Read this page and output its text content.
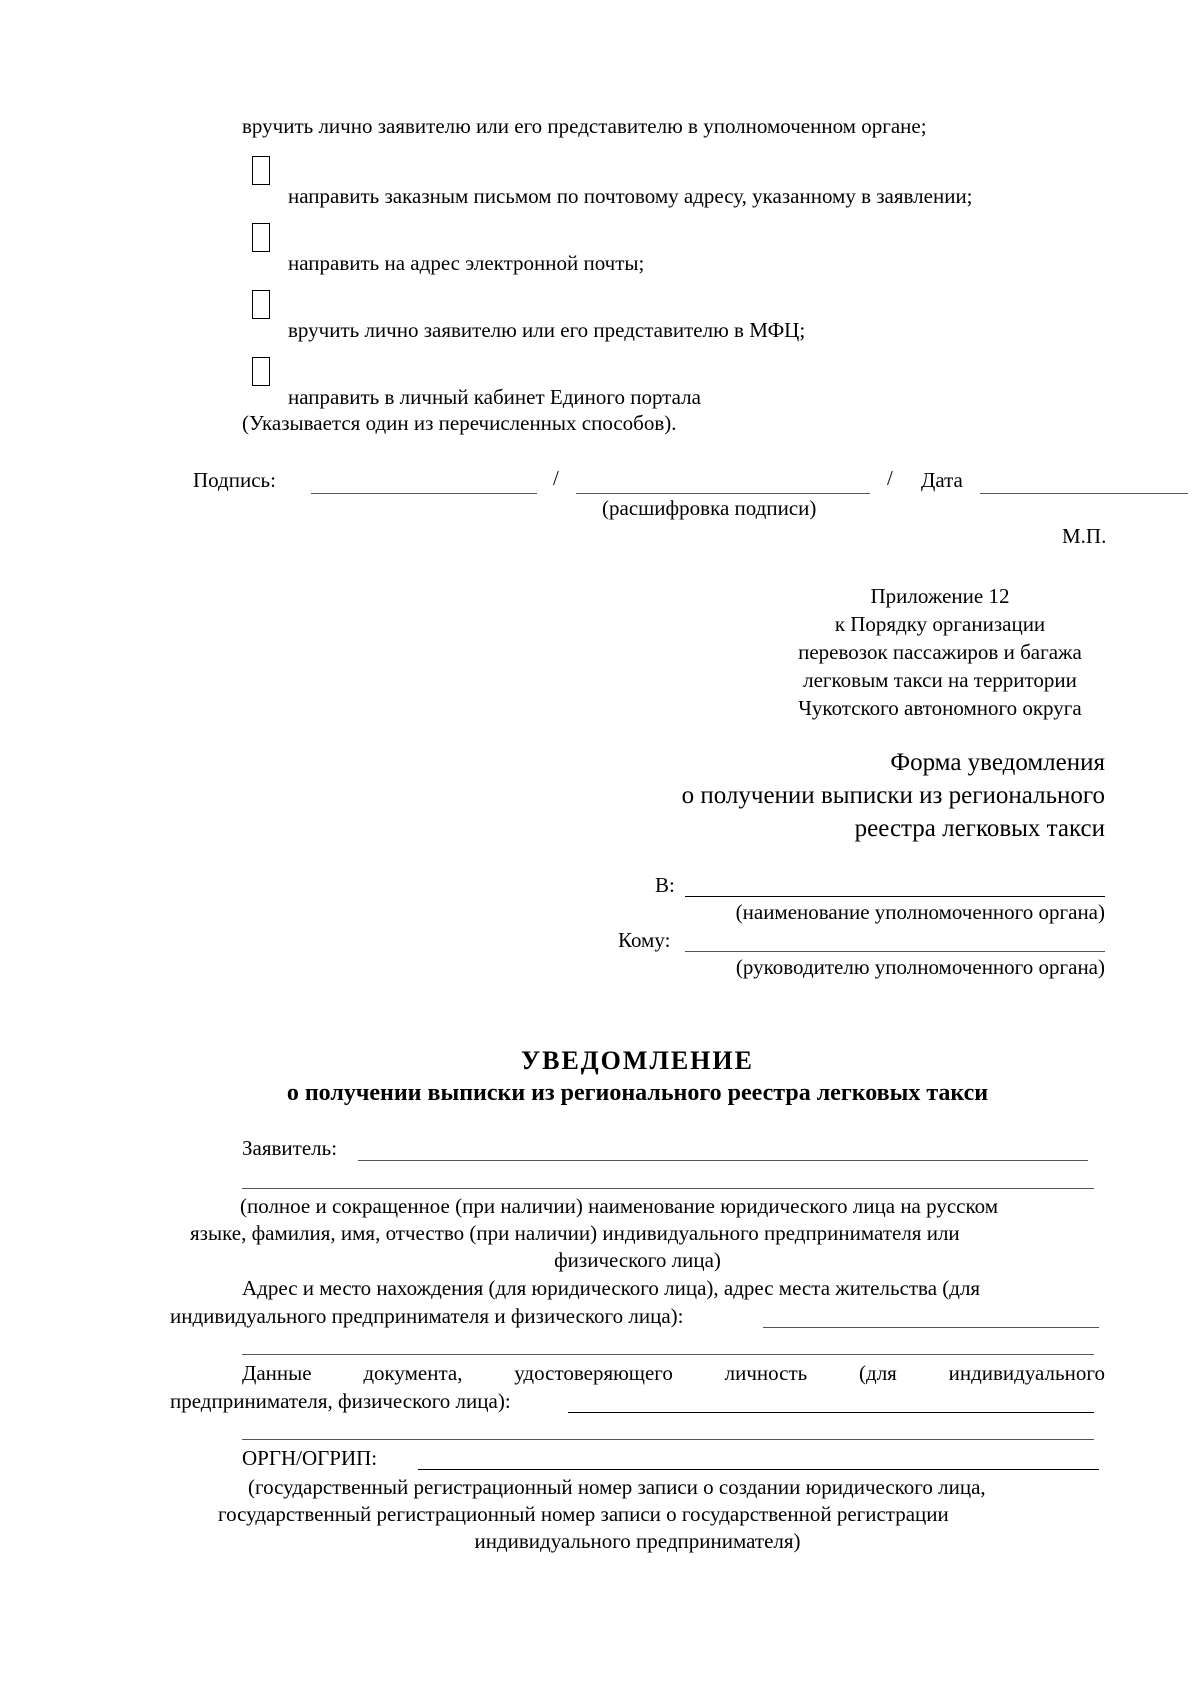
вручить лично заявителю или его представителю в уполномоченном органе;
направить заказным письмом по почтовому адресу, указанному в заявлении;
направить на адрес электронной почты;
вручить лично заявителю или его представителю в МФЦ;
направить в личный кабинет Единого портала
(Указывается один из перечисленных способов).
Подпись:	/	/ Дата
(расшифровка подписи)
М.П.
Приложение 12
к Порядку организации
перевозок пассажиров и багажа
легковым такси на территории
Чукотского автономного округа
Форма уведомления
о получении выписки из регионального
реестра легковых такси
В:
(наименование уполномоченного органа)
Кому:
(руководителю уполномоченного органа)
УВЕДОМЛЕНИЕ
о получении выписки из регионального реестра легковых такси
Заявитель:
(полное и сокращенное (при наличии) наименование юридического лица на русском
языке, фамилия, имя, отчество (при наличии) индивидуального предпринимателя или
физического лица)
Адрес и место нахождения (для юридического лица), адрес места жительства (для
индивидуального предпринимателя и физического лица):
Данные документа, удостоверяющего личность (для индивидуального
предпринимателя, физического лица):
ОРГН/ОГРИП:
(государственный регистрационный номер записи о создании юридического лица,
государственный регистрационный номер записи о государственной регистрации
индивидуального предпринимателя)
